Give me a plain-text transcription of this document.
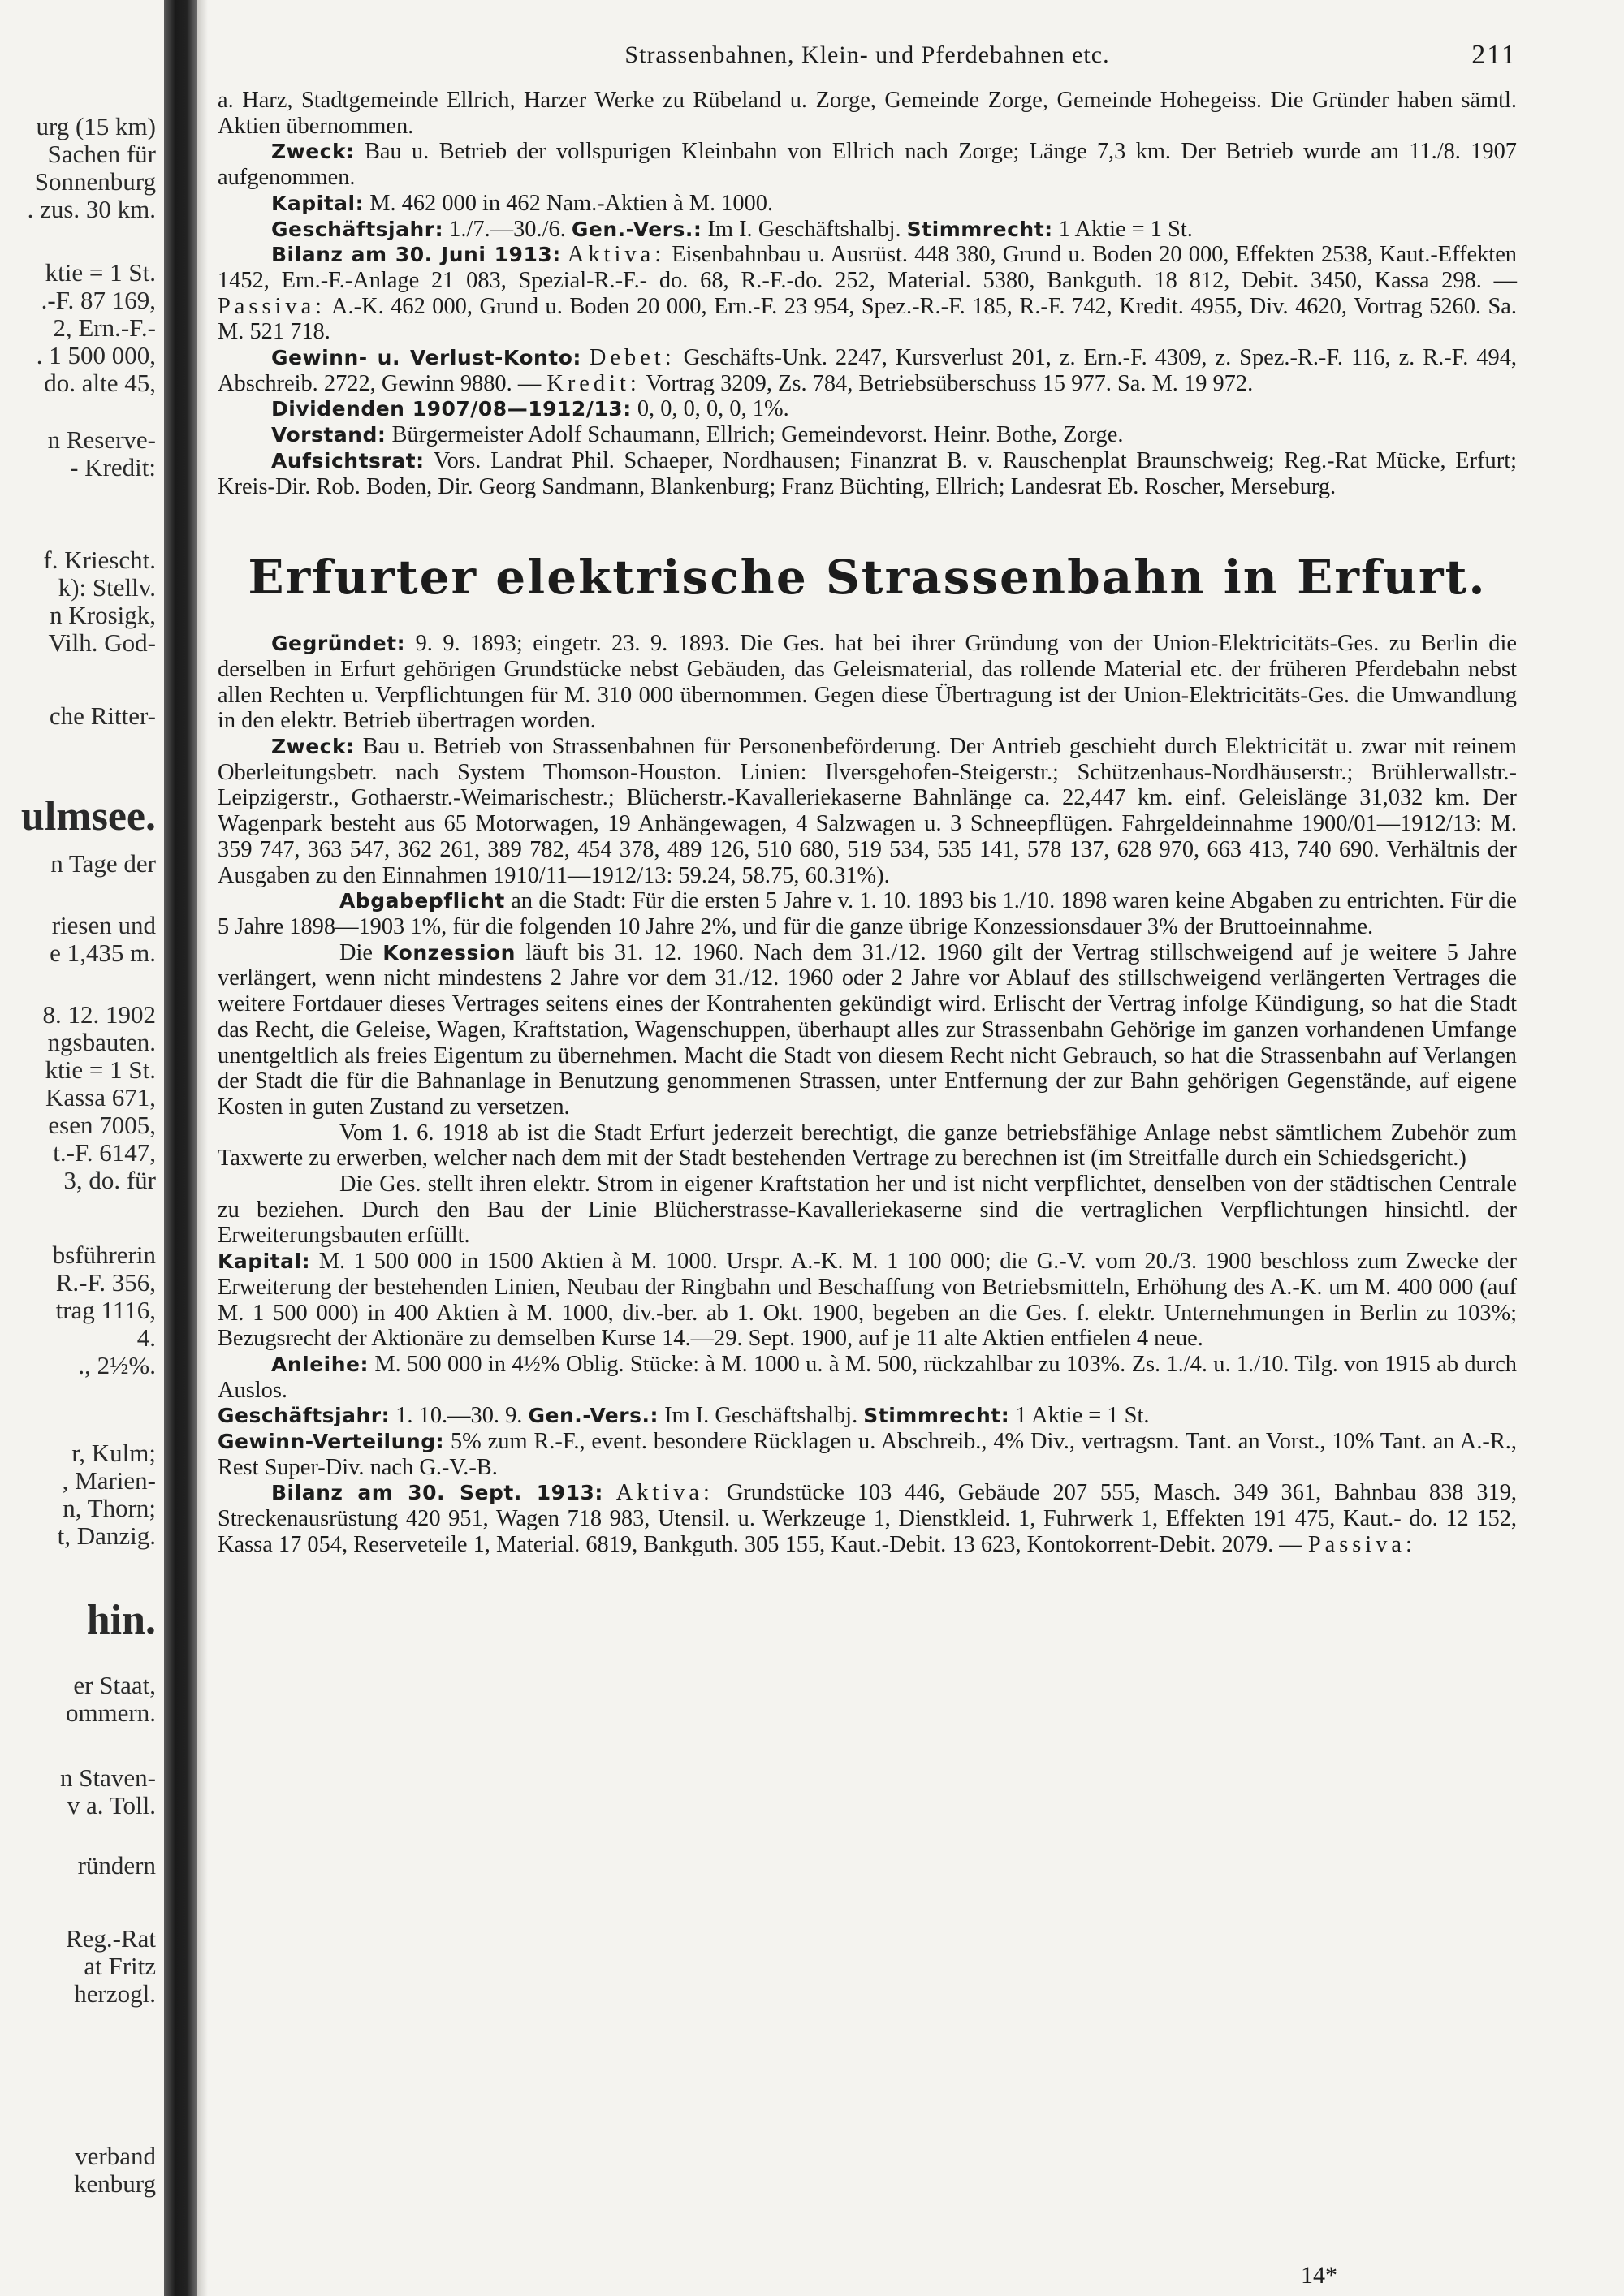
urg (15 km)
Sachen für
Sonnenburg
. zus. 30 km.
ktie = 1 St.
.-F. 87 169,
2, Ern.-F.-
. 1 500 000,
do. alte 45,
n Reserve-
- Kredit:
f. Kriescht.
k): Stellv.
n Krosigk,
Vilh. God-
che Ritter-
ulmsee.
n Tage der
riesen und
e 1,435 m.
8. 12. 1902
ngsbauten.
ktie = 1 St.
Kassa 671,
esen 7005,
t.-F. 6147,
3, do. für
bsführerin
R.-F. 356,
trag 1116,
4.
., 2½%.
r, Kulm;
, Marien-
n, Thorn;
t, Danzig.
hin.
er Staat,
ommern.
n Staven-
v a. Toll.
ründern
Reg.-Rat
at Fritz
herzogl.
verband
kenburg
Strassenbahnen, Klein- und Pferdebahnen etc.	211

a. Harz, Stadtgemeinde Ellrich, Harzer Werke zu Rübeland u. Zorge, Gemeinde Zorge, Gemeinde Hohegeiss. Die Gründer haben sämtl. Aktien übernommen.

Zweck: Bau u. Betrieb der vollspurigen Kleinbahn von Ellrich nach Zorge; Länge 7,3 km. Der Betrieb wurde am 11./8. 1907 aufgenommen.

Kapital: M. 462 000 in 462 Nam.-Aktien à M. 1000.

Geschäftsjahr: 1./7.—30./6. Gen.-Vers.: Im I. Geschäftshalbj. Stimmrecht: 1 Aktie = 1 St.

Bilanz am 30. Juni 1913: Aktiva: Eisenbahnbau u. Ausrüst. 448 380, Grund u. Boden 20 000, Effekten 2538, Kaut.-Effekten 1452, Ern.-F.-Anlage 21 083, Spezial-R.-F.- do. 68, R.-F.-do. 252, Material. 5380, Bankguth. 18 812, Debit. 3450, Kassa 298. — Passiva: A.-K. 462 000, Grund u. Boden 20 000, Ern.-F. 23 954, Spez.-R.-F. 185, R.-F. 742, Kredit. 4955, Div. 4620, Vortrag 5260. Sa. M. 521 718.

Gewinn- u. Verlust-Konto: Debet: Geschäfts-Unk. 2247, Kursverlust 201, z. Ern.-F. 4309, z. Spez.-R.-F. 116, z. R.-F. 494, Abschreib. 2722, Gewinn 9880. — Kredit: Vortrag 3209, Zs. 784, Betriebsüberschuss 15 977. Sa. M. 19 972.

Dividenden 1907/08—1912/13: 0, 0, 0, 0, 0, 1%.

Vorstand: Bürgermeister Adolf Schaumann, Ellrich; Gemeindevorst. Heinr. Bothe, Zorge.

Aufsichtsrat: Vors. Landrat Phil. Schaeper, Nordhausen; Finanzrat B. v. Rauschenplat Braunschweig; Reg.-Rat Mücke, Erfurt; Kreis-Dir. Rob. Boden, Dir. Georg Sandmann, Blankenburg; Franz Büchting, Ellrich; Landesrat Eb. Roscher, Merseburg.

Erfurter elektrische Strassenbahn in Erfurt.

Gegründet: 9. 9. 1893; eingetr. 23. 9. 1893. Die Ges. hat bei ihrer Gründung von der Union-Elektricitäts-Ges. zu Berlin die derselben in Erfurt gehörigen Grundstücke nebst Gebäuden, das Geleismaterial, das rollende Material etc. der früheren Pferdebahn nebst allen Rechten u. Verpflichtungen für M. 310 000 übernommen. Gegen diese Übertragung ist der Union-Elektricitäts-Ges. die Umwandlung in den elektr. Betrieb übertragen worden.

Zweck: Bau u. Betrieb von Strassenbahnen für Personenbeförderung. Der Antrieb geschieht durch Elektricität u. zwar mit reinem Oberleitungsbetr. nach System Thomson-Houston. Linien: Ilversgehofen-Steigerstr.; Schützenhaus-Nordhäuserstr.; Brühlerwallstr.-Leipzigerstr., Gothaerstr.-Weimarischestr.; Blücherstr.-Kavalleriekaserne Bahnlänge ca. 22,447 km. einf. Geleislänge 31,032 km. Der Wagenpark besteht aus 65 Motorwagen, 19 Anhängewagen, 4 Salzwagen u. 3 Schneepflügen. Fahrgeldeinnahme 1900/01—1912/13: M. 359 747, 363 547, 362 261, 389 782, 454 378, 489 126, 510 680, 519 534, 535 141, 578 137, 628 970, 663 413, 740 690. Verhältnis der Ausgaben zu den Einnahmen 1910/11—1912/13: 59.24, 58.75, 60.31%).

Abgabepflicht an die Stadt: Für die ersten 5 Jahre v. 1. 10. 1893 bis 1./10. 1898 waren keine Abgaben zu entrichten. Für die 5 Jahre 1898—1903 1%, für die folgenden 10 Jahre 2%, und für die ganze übrige Konzessionsdauer 3% der Bruttoeinnahme.

Die Konzession läuft bis 31. 12. 1960. Nach dem 31./12. 1960 gilt der Vertrag stillschweigend auf je weitere 5 Jahre verlängert, wenn nicht mindestens 2 Jahre vor dem 31./12. 1960 oder 2 Jahre vor Ablauf des stillschweigend verlängerten Vertrages die weitere Fortdauer dieses Vertrages seitens eines der Kontrahenten gekündigt wird. Erlischt der Vertrag infolge Kündigung, so hat die Stadt das Recht, die Geleise, Wagen, Kraftstation, Wagenschuppen, überhaupt alles zur Strassenbahn Gehörige im ganzen vorhandenen Umfange unentgeltlich als freies Eigentum zu übernehmen. Macht die Stadt von diesem Recht nicht Gebrauch, so hat die Strassenbahn auf Verlangen der Stadt die für die Bahnanlage in Benutzung genommenen Strassen, unter Entfernung der zur Bahn gehörigen Gegenstände, auf eigene Kosten in guten Zustand zu versetzen.

Vom 1. 6. 1918 ab ist die Stadt Erfurt jederzeit berechtigt, die ganze betriebsfähige Anlage nebst sämtlichem Zubehör zum Taxwerte zu erwerben, welcher nach dem mit der Stadt bestehenden Vertrage zu berechnen ist (im Streitfalle durch ein Schiedsgericht.)

Die Ges. stellt ihren elektr. Strom in eigener Kraftstation her und ist nicht verpflichtet, denselben von der städtischen Centrale zu beziehen. Durch den Bau der Linie Blücherstrasse-Kavalleriekaserne sind die vertraglichen Verpflichtungen hinsichtl. der Erweiterungsbauten erfüllt.

Kapital: M. 1 500 000 in 1500 Aktien à M. 1000. Urspr. A.-K. M. 1 100 000; die G.-V. vom 20./3. 1900 beschloss zum Zwecke der Erweiterung der bestehenden Linien, Neubau der Ringbahn und Beschaffung von Betriebsmitteln, Erhöhung des A.-K. um M. 400 000 (auf M. 1 500 000) in 400 Aktien à M. 1000, div.-ber. ab 1. Okt. 1900, begeben an die Ges. f. elektr. Unternehmungen in Berlin zu 103%; Bezugsrecht der Aktionäre zu demselben Kurse 14.—29. Sept. 1900, auf je 11 alte Aktien entfielen 4 neue.

Anleihe: M. 500 000 in 4½% Oblig. Stücke: à M. 1000 u. à M. 500, rückzahlbar zu 103%. Zs. 1./4. u. 1./10. Tilg. von 1915 ab durch Auslos.

Geschäftsjahr: 1. 10.—30. 9. Gen.-Vers.: Im I. Geschäftshalbj. Stimmrecht: 1 Aktie = 1 St.

Gewinn-Verteilung: 5% zum R.-F., event. besondere Rücklagen u. Abschreib., 4% Div., vertragsm. Tant. an Vorst., 10% Tant. an A.-R., Rest Super-Div. nach G.-V.-B.

Bilanz am 30. Sept. 1913: Aktiva: Grundstücke 103 446, Gebäude 207 555, Masch. 349 361, Bahnbau 838 319, Streckenausrüstung 420 951, Wagen 718 983, Utensil. u. Werkzeuge 1, Dienstkleid. 1, Fuhrwerk 1, Effekten 191 475, Kaut.- do. 12 152, Kassa 17 054, Reserveteile 1, Material. 6819, Bankguth. 305 155, Kaut.-Debit. 13 623, Kontokorrent-Debit. 2079. — Passiva:

14*
